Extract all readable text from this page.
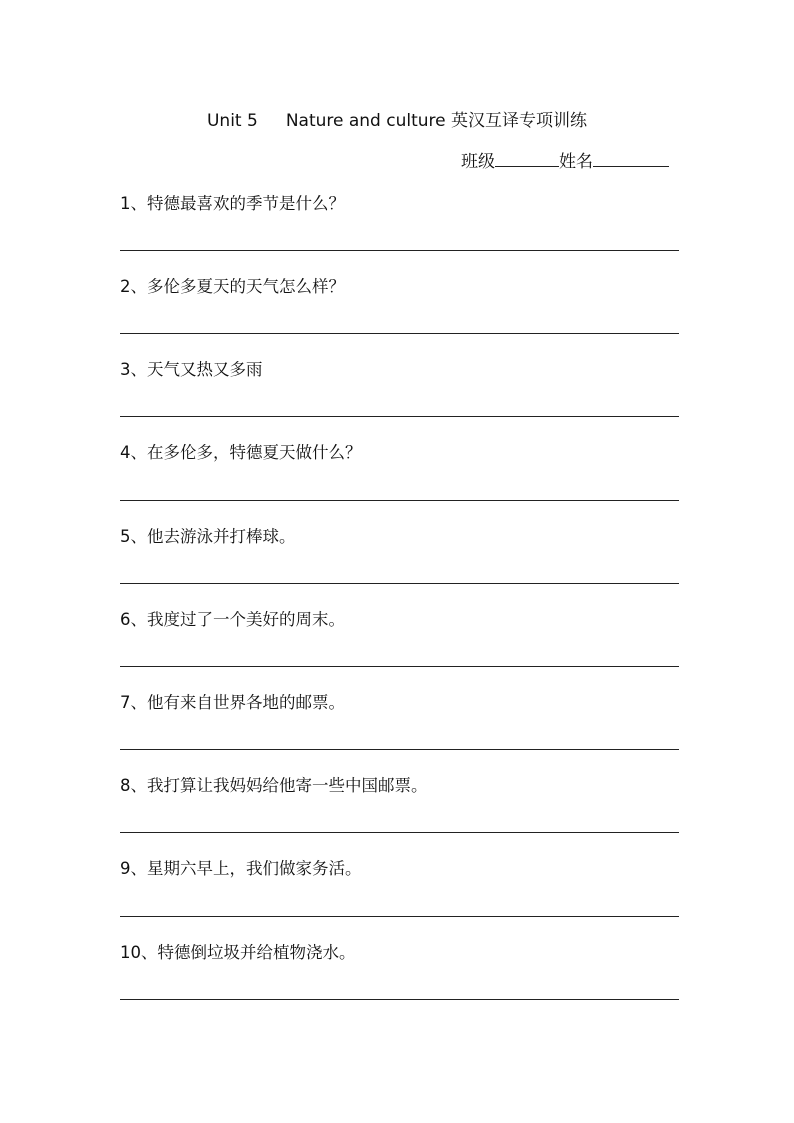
Unit 5 Nature and culture 英汉互译专项训练
班级	姓名
1、特德最喜欢的季节是什么？
2、多伦多夏天的天气怎么样？
3、天气又热又多雨
4、在多伦多，特德夏天做什么？
5、他去游泳并打棒球。
6、我度过了一个美好的周末。
7、他有来自世界各地的邮票。
8、我打算让我妈妈给他寄一些中国邮票。
9、星期六早上，我们做家务活。
10、特德倒垃圾并给植物浇水。
